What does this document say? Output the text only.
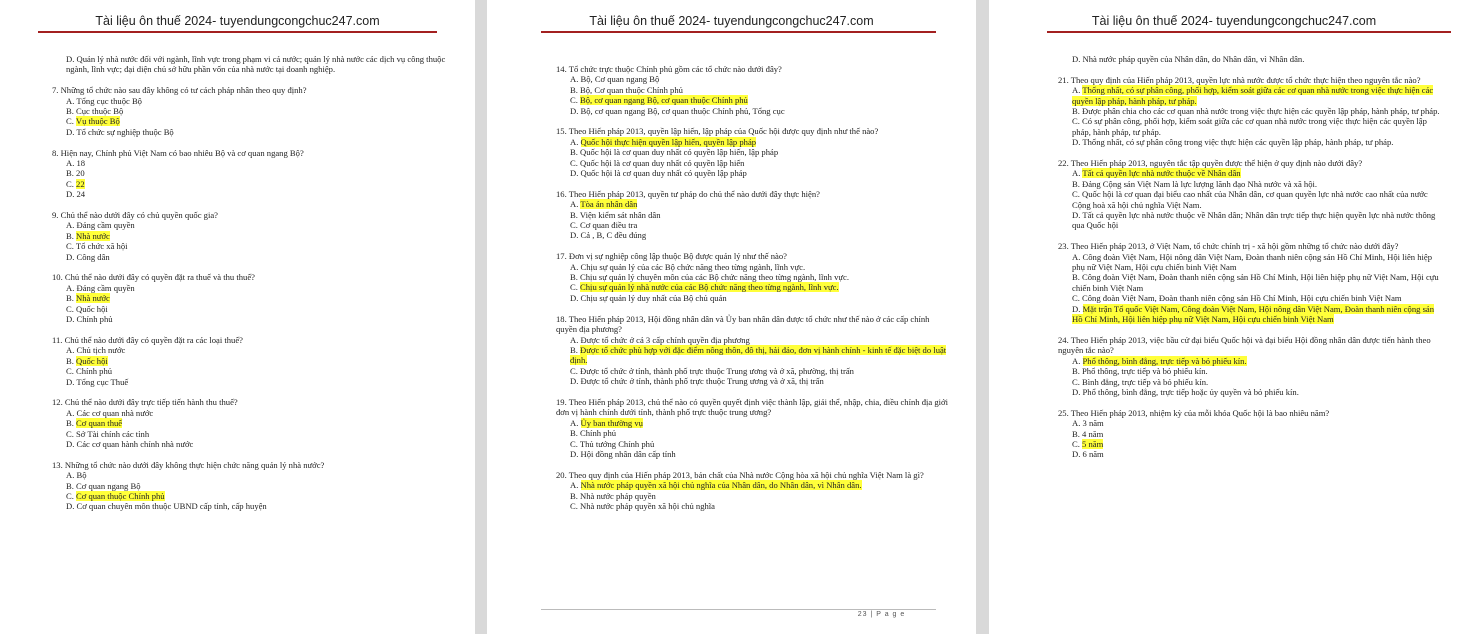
Tài liệu ôn thuế 2024- tuyendungcongchuc247.com
D. Quản lý nhà nước đối với ngành, lĩnh vực trong phạm vi cả nước; quản lý nhà nước các dịch vụ công thuộc ngành, lĩnh vực; đại diện chủ sở hữu phần vốn của nhà nước tại doanh nghiệp.
7. Những tổ chức nào sau đây không có tư cách pháp nhân theo quy định?
A. Tổng cục thuộc Bộ
B. Cục thuộc Bộ
C. Vụ thuộc Bộ
D. Tổ chức sự nghiệp thuộc Bộ
8. Hiện nay, Chính phủ Việt Nam có bao nhiêu Bộ và cơ quan ngang Bộ?
A. 18
B. 20
C. 22
D. 24
9. Chủ thể nào dưới đây có chủ quyền quốc gia?
A. Đảng cầm quyền
B. Nhà nước
C. Tổ chức xã hội
D. Công dân
10. Chủ thể nào dưới đây có quyền đặt ra thuế và thu thuế?
A. Đảng cầm quyền
B. Nhà nước
C. Quốc hội
D. Chính phủ
11. Chủ thể nào dưới đây có quyền đặt ra các loại thuế?
A. Chủ tịch nước
B. Quốc hội
C. Chính phủ
D. Tổng cục Thuế
12. Chủ thể nào dưới đây trực tiếp tiến hành thu thuế?
A. Các cơ quan nhà nước
B. Cơ quan thuế
C. Sở Tài chính các tỉnh
D. Các cơ quan hành chính nhà nước
13. Những tổ chức nào dưới đây không thực hiện chức năng quản lý nhà nước?
A. Bộ
B. Cơ quan ngang Bộ
C. Cơ quan thuộc Chính phủ
D. Cơ quan chuyên môn thuộc UBND cấp tỉnh, cấp huyện
Tài liệu ôn thuế 2024- tuyendungcongchuc247.com
14. Tổ chức trực thuộc Chính phủ gồm các tổ chức nào dưới đây?
A. Bộ, Cơ quan ngang Bộ
B. Bộ, Cơ quan thuộc Chính phủ
C. Bộ, cơ quan ngang Bộ, cơ quan thuộc Chính phủ
D. Bộ, cơ quan ngang Bộ, cơ quan thuộc Chính phủ, Tổng cục
15. Theo Hiến pháp 2013, quyền lập hiến, lập pháp của Quốc hội được quy định như thế nào?
A. Quốc hội thực hiện quyền lập hiến, quyền lập pháp
B. Quốc hội là cơ quan duy nhất có quyền lập hiến, lập pháp
C. Quốc hội là cơ quan duy nhất có quyền lập hiến
D. Quốc hội là cơ quan duy nhất có quyền lập pháp
16. Theo Hiến pháp 2013, quyền tư pháp do chủ thể nào dưới đây thực hiện?
A. Tòa án nhân dân
B. Viện kiểm sát nhân dân
C. Cơ quan điều tra
D. Cả , B, C đều đúng
17. Đơn vị sự nghiệp công lập thuộc Bộ được quản lý như thế nào?
A. Chịu sự quản lý của các Bộ chức năng theo từng ngành, lĩnh vực.
B. Chịu sự quản lý chuyên môn của các Bộ chức năng theo từng ngành, lĩnh vực.
C. Chịu sự quản lý nhà nước của các Bộ chức năng theo từng ngành, lĩnh vực.
D. Chịu sự quản lý duy nhất của Bộ chủ quản
18. Theo Hiến pháp 2013, Hội đồng nhân dân và Ủy ban nhân dân được tổ chức như thế nào ở các cấp chính quyền địa phương?
A. Được tổ chức ở cả 3 cấp chính quyền địa phương
B. Được tổ chức phù hợp với đặc điểm nông thôn, đô thị, hải đảo, đơn vị hành chính - kinh tế đặc biệt do luật định.
C. Được tổ chức ở tỉnh, thành phố trực thuộc Trung ương và ở xã, phường, thị trấn
D. Được tổ chức ở tỉnh, thành phố trực thuộc Trung ương và ở xã, thị trấn
19. Theo Hiến pháp 2013, chủ thể nào có quyền quyết định việc thành lập, giải thể, nhập, chia, điều chỉnh địa giới đơn vị hành chính dưới tỉnh, thành phố trực thuộc trung ương?
A. Ủy ban thường vụ
B. Chính phủ
C. Thủ tướng Chính phủ
D. Hội đồng nhân dân cấp tỉnh
20. Theo quy định của Hiến pháp 2013, bản chất của Nhà nước Cộng hòa xã hội chủ nghĩa Việt Nam là gì?
A. Nhà nước pháp quyền xã hội chủ nghĩa của Nhân dân, do Nhân dân, vì Nhân dân.
B. Nhà nước pháp quyền
C. Nhà nước pháp quyền xã hội chủ nghĩa
23 | P a g e
Tài liệu ôn thuế 2024- tuyendungcongchuc247.com
D. Nhà nước pháp quyền của Nhân dân, do Nhân dân, vì Nhân dân.
21. Theo quy định của Hiến pháp 2013, quyền lực nhà nước được tổ chức thực hiện theo nguyên tắc nào?
A. Thống nhất, có sự phân công, phối hợp, kiểm soát giữa các cơ quan nhà nước trong việc thực hiện các quyền lập pháp, hành pháp, tư pháp.
B. Được phân chia cho các cơ quan nhà nước trong việc thực hiện các quyền lập pháp, hành pháp, tư pháp.
C. Có sự phân công, phối hợp, kiểm soát giữa các cơ quan nhà nước trong việc thực hiện các quyền lập pháp, hành pháp, tư pháp.
D. Thống nhất, có sự phân công trong việc thực hiện các quyền lập pháp, hành pháp, tư pháp.
22. Theo Hiến pháp 2013, nguyên tắc tập quyền được thể hiện ở quy định nào dưới đây?
A. Tất cả quyền lực nhà nước thuộc về Nhân dân
B. Đảng Cộng sản Việt Nam là lực lượng lãnh đạo Nhà nước và xã hội.
C. Quốc hội là cơ quan đại biểu cao nhất của Nhân dân, cơ quan quyền lực nhà nước cao nhất của nước Cộng hoà xã hội chủ nghĩa Việt Nam.
D. Tất cả quyền lực nhà nước thuộc về Nhân dân; Nhân dân trực tiếp thực hiện quyền lực nhà nước thông qua Quốc hội
23. Theo Hiến pháp 2013, ở Việt Nam, tổ chức chính trị - xã hội gồm những tổ chức nào dưới đây?
A. Công đoàn Việt Nam, Hội nông dân Việt Nam, Đoàn thanh niên cộng sản Hồ Chí Minh, Hội liên hiệp phụ nữ Việt Nam, Hội cựu chiến binh Việt Nam
B. Công đoàn Việt Nam, Đoàn thanh niên cộng sản Hồ Chí Minh, Hội liên hiệp phụ nữ Việt Nam, Hội cựu chiến binh Việt Nam
C. Công đoàn Việt Nam, Đoàn thanh niên cộng sản Hồ Chí Minh, Hội cựu chiến binh Việt Nam
D. Mặt trận Tổ quốc Việt Nam, Công đoàn Việt Nam, Hội nông dân Việt Nam, Đoàn thanh niên cộng sản Hồ Chí Minh, Hội liên hiệp phụ nữ Việt Nam, Hội cựu chiến binh Việt Nam
24. Theo Hiến pháp 2013, việc bầu cử đại biểu Quốc hội và đại biểu Hội đồng nhân dân được tiến hành theo nguyên tắc nào?
A. Phổ thông, bình đẳng, trực tiếp và bỏ phiếu kín.
B. Phổ thông, trực tiếp và bỏ phiếu kín.
C. Bình đẳng, trực tiếp và bỏ phiếu kín.
D. Phổ thông, bình đẳng, trực tiếp hoặc ủy quyền và bỏ phiếu kín.
25. Theo Hiến pháp 2013, nhiệm kỳ của mỗi khóa Quốc hội là bao nhiêu năm?
A. 3 năm
B. 4 năm
C. 5 năm
D. 6 năm
